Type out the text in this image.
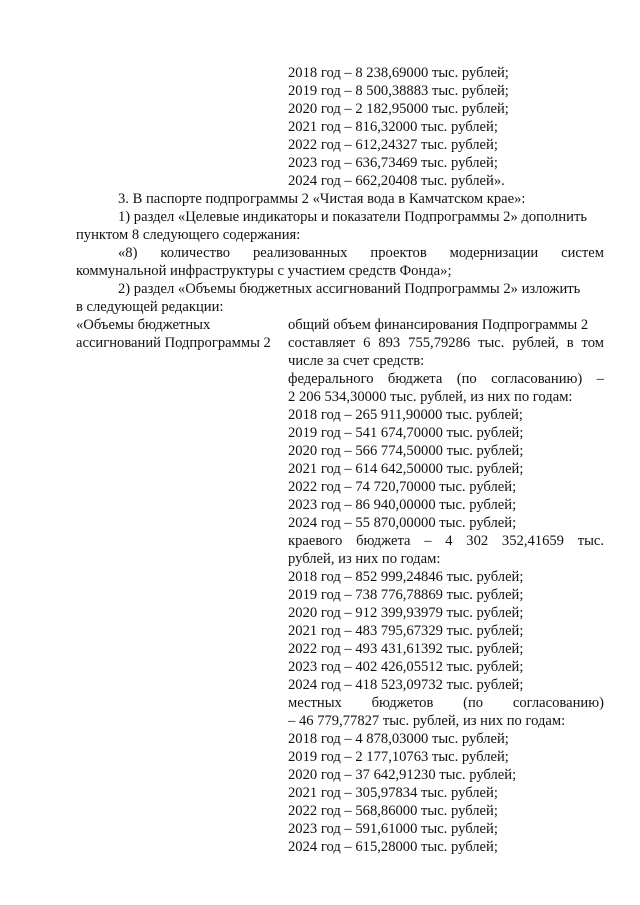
2018 год – 8 238,69000 тыс. рублей;
2019 год – 8 500,38883 тыс. рублей;
2020 год – 2 182,95000 тыс. рублей;
2021 год – 816,32000 тыс. рублей;
2022 год – 612,24327 тыс. рублей;
2023 год – 636,73469 тыс. рублей;
2024 год – 662,20408 тыс. рублей».
3. В паспорте подпрограммы 2 «Чистая вода в Камчатском крае»:
1) раздел «Целевые индикаторы и показатели Подпрограммы 2» дополнить
пунктом 8 следующего содержания:
«8) количество реализованных проектов модернизации систем
коммунальной инфраструктуры с участием средств Фонда»;
2) раздел «Объемы бюджетных ассигнований Подпрограммы 2» изложить
в следующей редакции:
«Объемы бюджетных
ассигнований Подпрограммы 2
общий объем финансирования Подпрограммы 2
составляет 6 893 755,79286 тыс. рублей, в том
числе за счет средств:
федерального бюджета (по согласованию) –
2 206 534,30000 тыс. рублей, из них по годам:
2018 год – 265 911,90000 тыс. рублей;
2019 год – 541 674,70000 тыс. рублей;
2020 год – 566 774,50000 тыс. рублей;
2021 год – 614 642,50000 тыс. рублей;
2022 год – 74 720,70000 тыс. рублей;
2023 год – 86 940,00000 тыс. рублей;
2024 год – 55 870,00000 тыс. рублей;
краевого бюджета – 4 302 352,41659 тыс.
рублей, из них по годам:
2018 год – 852 999,24846 тыс. рублей;
2019 год – 738 776,78869 тыс. рублей;
2020 год – 912 399,93979 тыс. рублей;
2021 год – 483 795,67329 тыс. рублей;
2022 год – 493 431,61392 тыс. рублей;
2023 год – 402 426,05512 тыс. рублей;
2024 год – 418 523,09732 тыс. рублей;
местных бюджетов (по согласованию)
– 46 779,77827 тыс. рублей, из них по годам:
2018 год – 4 878,03000 тыс. рублей;
2019 год – 2 177,10763 тыс. рублей;
2020 год – 37 642,91230 тыс. рублей;
2021 год – 305,97834 тыс. рублей;
2022 год – 568,86000 тыс. рублей;
2023 год – 591,61000 тыс. рублей;
2024 год – 615,28000 тыс. рублей;
